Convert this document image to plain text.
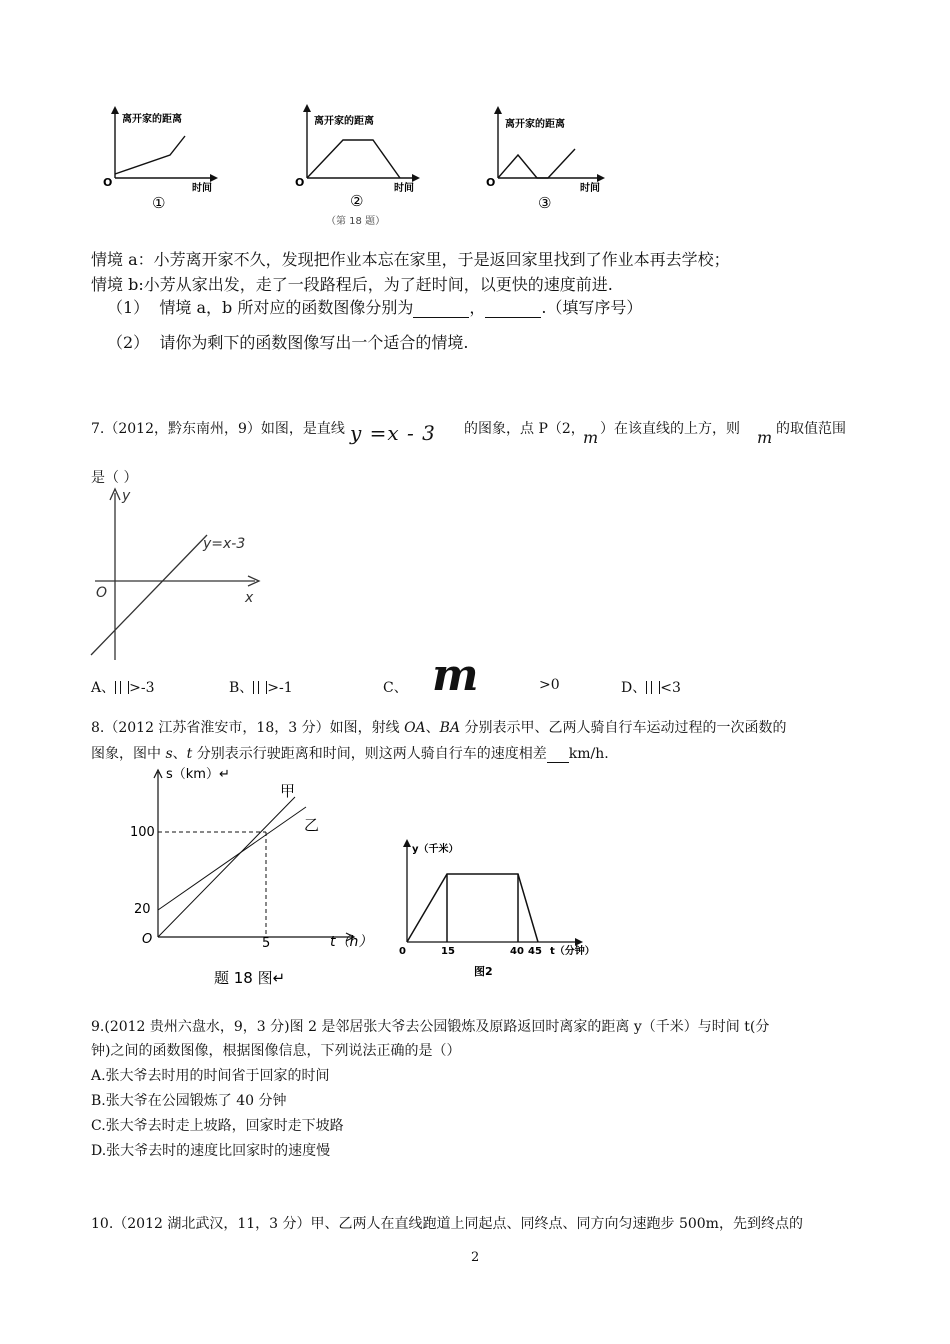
离开家的距离
时间
O
①
离开家的距离
时间
O
②
（第 18 题）
离开家的距离
时间
O
③
情境 a：小芳离开家不久，发现把作业本忘在家里，于是返回家里找到了作业本再去学校；
情境 b:小芳从家出发，走了一段路程后，为了赶时间，以更快的速度前进.
（1） 情境 a，b 所对应的函数图像分别为	，	.（填写序号）
（2） 请你为剩下的函数图像写出一个适合的情境.
7.（2012，黔东南州，9）如图，是直线 y =x - 3 的图象，点 P（2，
m ）在该直线的上方，则 m 的取值范围
是（ ）
y
x
O
y=x-3
A、 >-3	B、 >-1	C、 m	>0	D、 <3
8.（2012 江苏省淮安市，18，3 分）如图，射线 OA、BA 分别表示甲、乙两人骑自行车运动过程的一次函数的
图象，图中 s、t 分别表示行驶距离和时间，则这两人骑自行车的速度相差 km/h.
s（km）↵
t（h）
O
100
20
5
甲
乙
题 18 图↵
y（千米）
t（分钟）
0	15	40 45
图2
9.(2012 贵州六盘水，9，3 分)图 2 是邻居张大爷去公园锻炼及原路返回时离家的距离 y（千米）与时间 t(分
钟)之间的函数图像，根据图像信息，下列说法正确的是（）
A.张大爷去时用的时间省于回家的时间
B.张大爷在公园锻炼了 40 分钟
C.张大爷去时走上坡路，回家时走下坡路
D.张大爷去时的速度比回家时的速度慢
10.（2012 湖北武汉，11，3 分）甲、乙两人在直线跑道上同起点、同终点、同方向匀速跑步 500m，先到终点的
2
